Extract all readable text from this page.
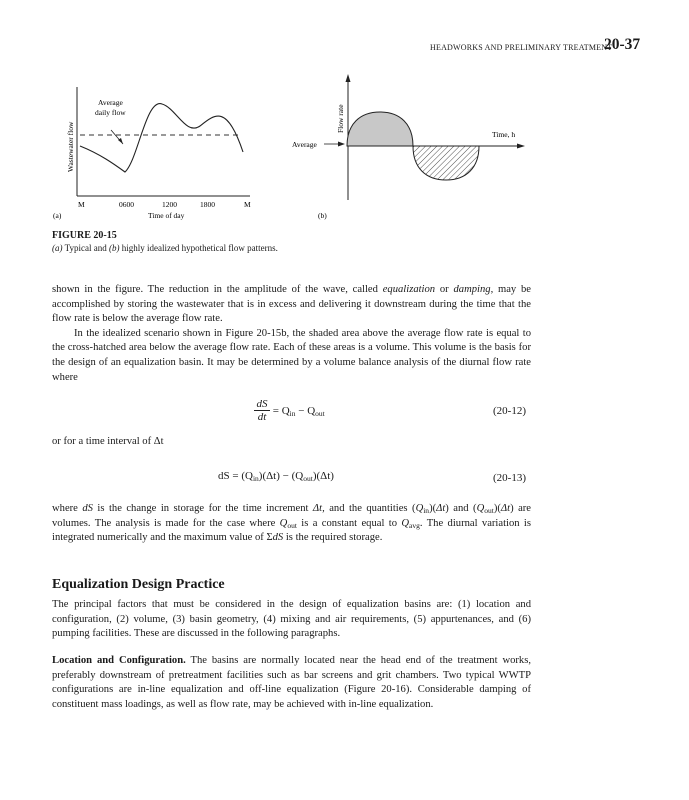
HEADWORKS AND PRELIMINARY TREATMENT
20-37
Average
daily flow
Wastewater flow
M	0600	1200	1800	M
Time of day
(a)
Average
Flow rate
Time, h
(b)
FIGURE 20-15
(a) Typical and (b) highly idealized hypothetical flow patterns.

shown in the figure. The reduction in the amplitude of the wave, called equalization or damping, may be accomplished by storing the wastewater that is in excess and delivering it downstream during the time that the flow rate is below the average flow rate.

In the idealized scenario shown in Figure 20-15b, the shaded area above the average flow rate is equal to the cross-hatched area below the average flow rate. Each of these areas is a volume. This volume is the basis for the design of an equalization basin. It may be determined by a volume balance analysis of the diurnal flow rate where

$\frac{dS}{dt} = Q_{in} - Q_{out}$	(20-12)
or for a time interval of Δt
dS = $(Q_{in})(\Delta t) - (Q_{out})(\Delta t)$	(20-13)

where dS is the change in storage for the time increment Δt, and the quantities $(Q_{in})(\Delta t)$ and $(Q_{out})(\Delta t)$ are volumes. The analysis is made for the case where $Q_{out}$ is a constant equal to $Q_{avg}$. The diurnal variation is integrated numerically and the maximum value of ΣdS is the required storage.

Equalization Design Practice

The principal factors that must be considered in the design of equalization basins are: (1) location and configuration, (2) volume, (3) basin geometry, (4) mixing and air requirements, (5) appurtenances, and (6) pumping facilities. These are discussed in the following paragraphs.

Location and Configuration. The basins are normally located near the head end of the treatment works, preferably downstream of pretreatment facilities such as bar screens and grit chambers. Two typical WWTP configurations are in-line equalization and off-line equalization (Figure 20-16). Considerable damping of constituent mass loadings, as well as flow rate, may be achieved with in-line equalization.
